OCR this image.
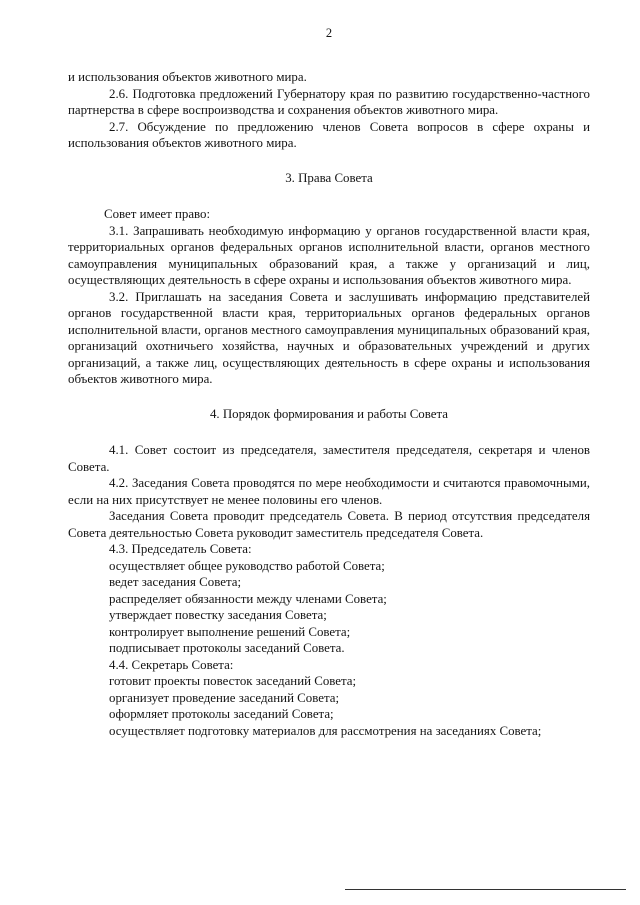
2

и использования объектов животного мира.

2.6. Подготовка предложений Губернатору края по развитию государственно-частного партнерства в сфере воспроизводства и сохранения объектов животного мира.

2.7. Обсуждение по предложению членов Совета вопросов в сфере охраны и использования объектов животного мира.

3. Права Совета

Совет имеет право:

3.1. Запрашивать необходимую информацию у органов государственной власти края, территориальных органов федеральных органов исполнительной власти, органов местного самоуправления муниципальных образований края, а также у организаций и лиц, осуществляющих деятельность в сфере охраны и использования объектов животного мира.

3.2. Приглашать на заседания Совета и заслушивать информацию представителей органов государственной власти края, территориальных органов федеральных органов исполнительной власти, органов местного самоуправления муниципальных образований края, организаций охотничьего хозяйства, научных и образовательных учреждений и других организаций, а также лиц, осуществляющих деятельность в сфере охраны и использования объектов животного мира.

4. Порядок формирования и работы Совета

4.1. Совет состоит из председателя, заместителя председателя, секретаря и членов Совета.

4.2. Заседания Совета проводятся по мере необходимости и считаются правомочными, если на них присутствует не менее половины его членов.

Заседания Совета проводит председатель Совета. В период отсутствия председателя Совета деятельностью Совета руководит заместитель председателя Совета.

4.3. Председатель Совета:

осуществляет общее руководство работой Совета;

ведет заседания Совета;

распределяет обязанности между членами Совета;

утверждает повестку заседания Совета;

контролирует выполнение решений Совета;

подписывает протоколы заседаний Совета.

4.4. Секретарь Совета:

готовит проекты повесток заседаний Совета;

организует проведение заседаний Совета;

оформляет протоколы заседаний Совета;

осуществляет подготовку материалов для рассмотрения на заседаниях Совета;
